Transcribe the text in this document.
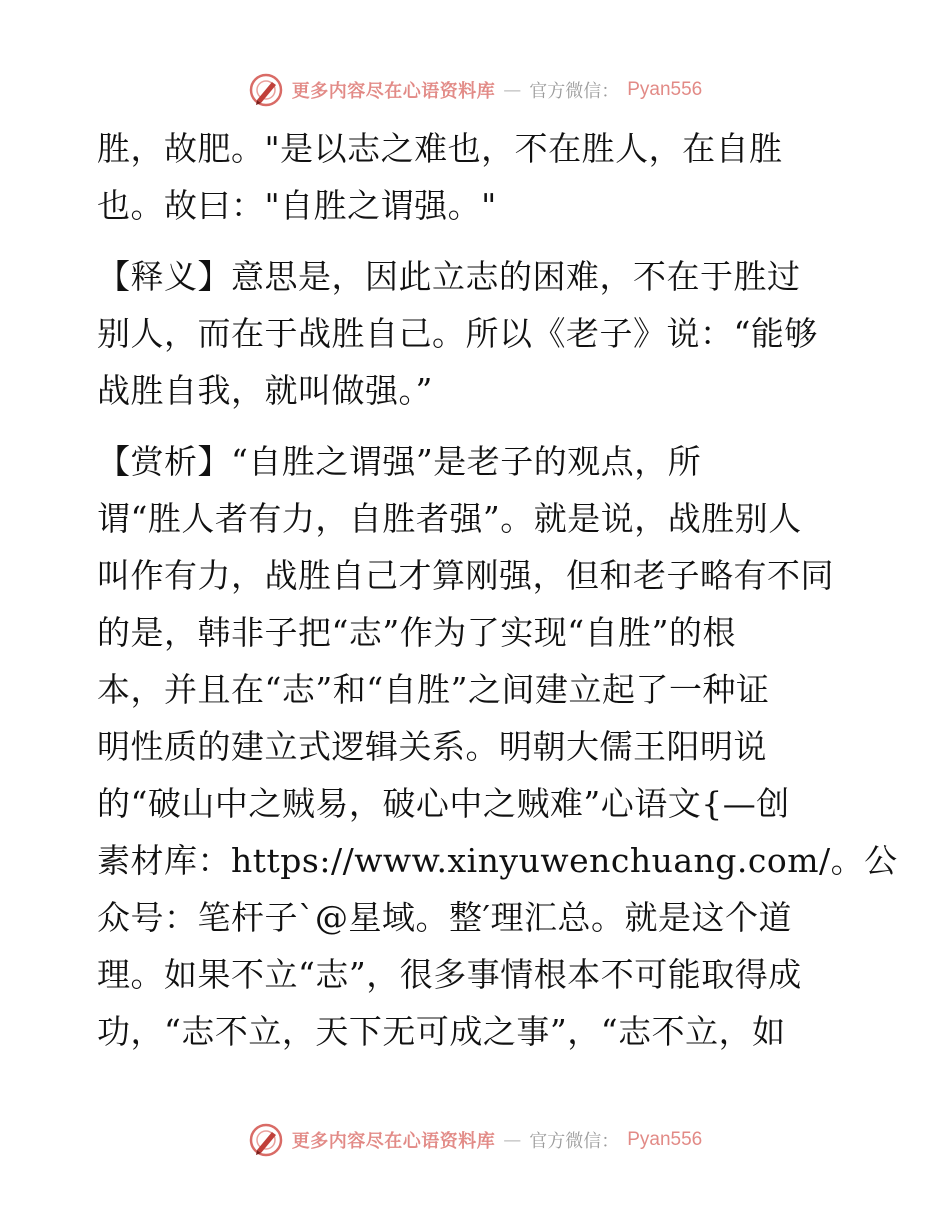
更多内容尽在心语资料库 — 官方微信： Pyan556
胜，故肥。"是以志之难也，不在胜人，在自胜
也。故曰："自胜之谓强。"
【释义】意思是，因此立志的困难，不在于胜过
别人，而在于战胜自己。所以《老子》说：“能够
战胜自我，就叫做强。”
【赏析】“自胜之谓强”是老子的观点，所
谓“胜人者有力，自胜者强”。就是说，战胜别人
叫作有力，战胜自己才算刚强，但和老子略有不同
的是，韩非子把“志”作为了实现“自胜”的根
本，并且在“志”和“自胜”之间建立起了一种证
明性质的建立式逻辑关系。明朝大儒王阳明说
的“破山中之贼易，破心中之贼难”心语文{—创
素材库：https://www.xinyuwenchuang.com/。公
众号：笔杆子`@星域。整′理汇总。就是这个道
理。如果不立“志”，很多事情根本不可能取得成
功，“志不立，天下无可成之事”，“志不立，如
更多内容尽在心语资料库 — 官方微信： Pyan556
